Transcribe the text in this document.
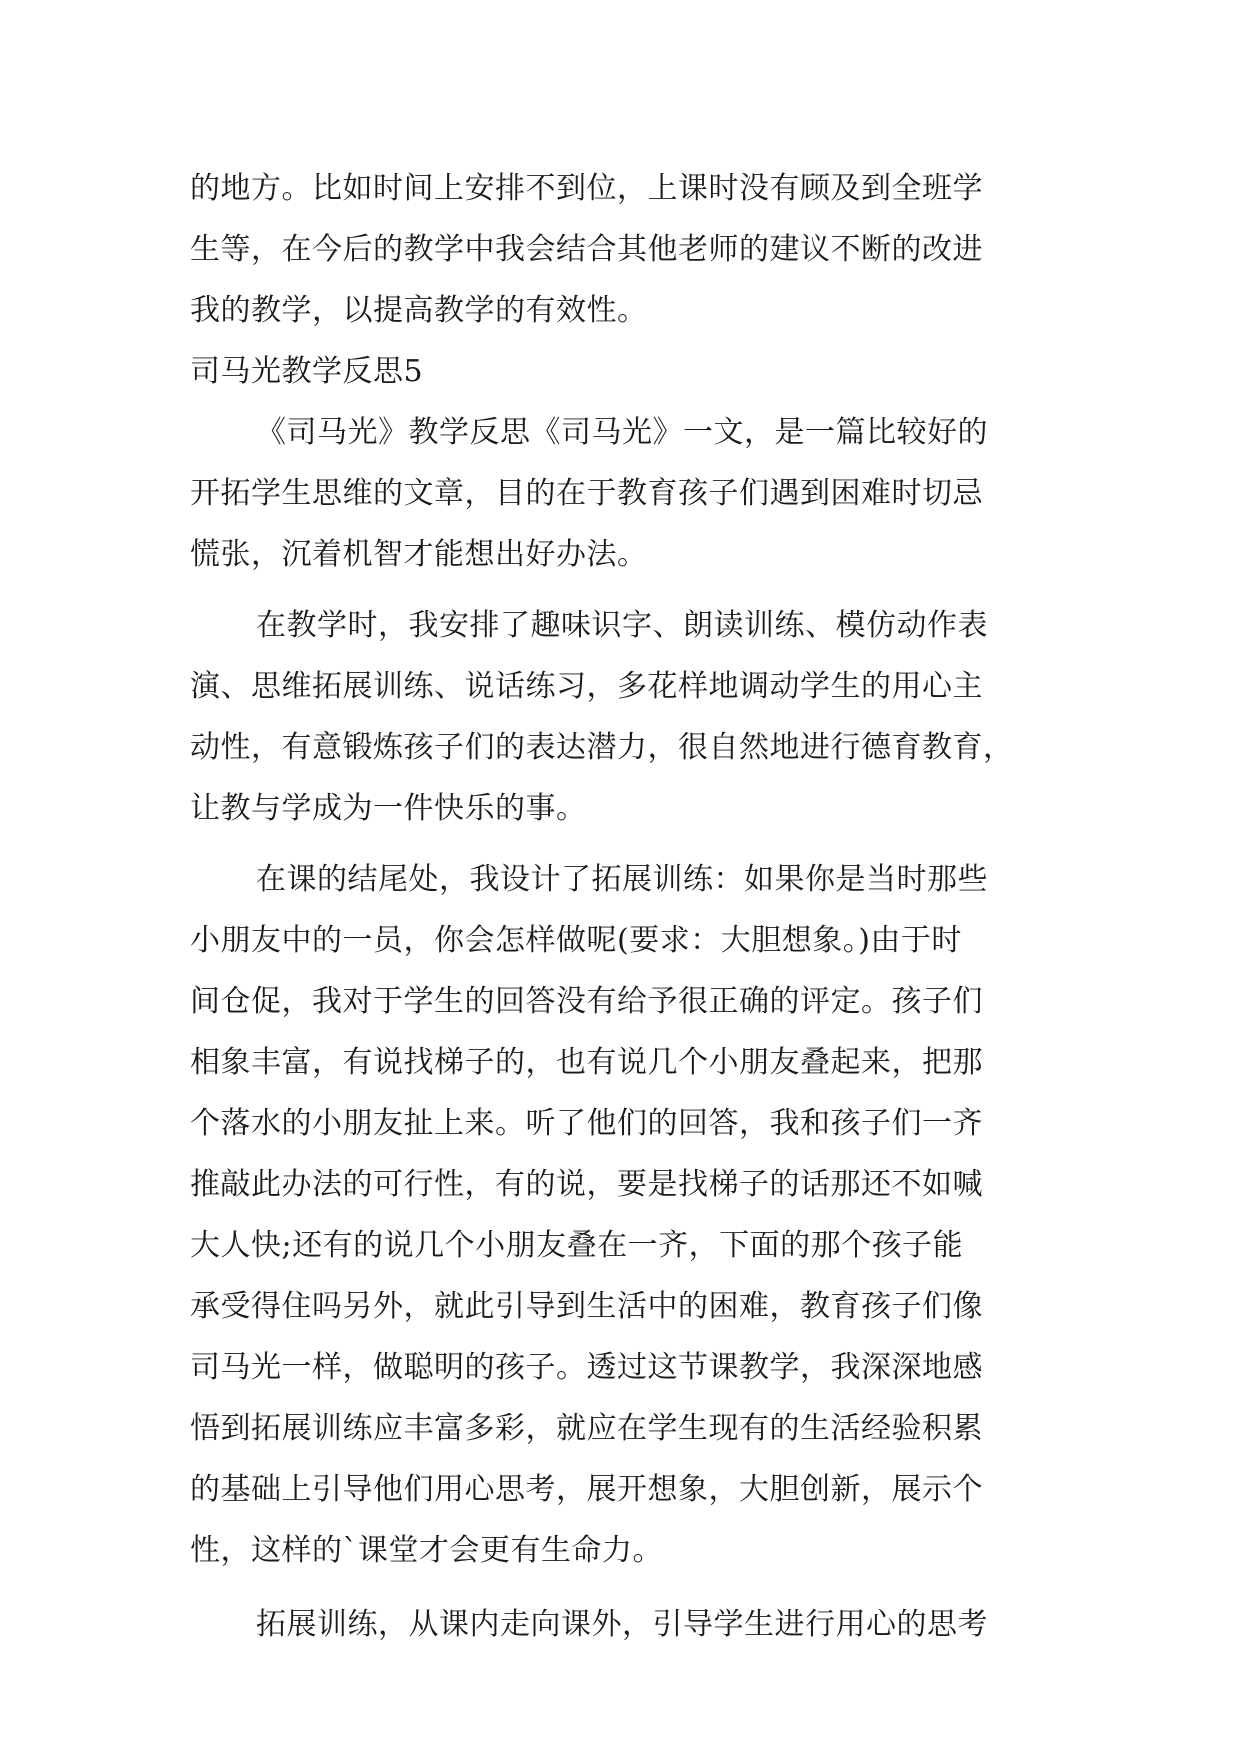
的地方。比如时间上安排不到位，上课时没有顾及到全班学
生等，在今后的教学中我会结合其他老师的建议不断的改进
我的教学，以提高教学的有效性。
司马光教学反思5
《司马光》教学反思《司马光》一文，是一篇比较好的
开拓学生思维的文章，目的在于教育孩子们遇到困难时切忌
慌张，沉着机智才能想出好办法。
在教学时，我安排了趣味识字、朗读训练、模仿动作表
演、思维拓展训练、说话练习，多花样地调动学生的用心主
动性，有意锻炼孩子们的表达潜力，很自然地进行德育教育，
让教与学成为一件快乐的事。
在课的结尾处，我设计了拓展训练：如果你是当时那些
小朋友中的一员，你会怎样做呢(要求：大胆想象。)由于时
间仓促，我对于学生的回答没有给予很正确的评定。孩子们
相象丰富，有说找梯子的，也有说几个小朋友叠起来，把那
个落水的小朋友扯上来。听了他们的回答，我和孩子们一齐
推敲此办法的可行性，有的说，要是找梯子的话那还不如喊
大人快;还有的说几个小朋友叠在一齐，下面的那个孩子能
承受得住吗另外，就此引导到生活中的困难，教育孩子们像
司马光一样，做聪明的孩子。透过这节课教学，我深深地感
悟到拓展训练应丰富多彩，就应在学生现有的生活经验积累
的基础上引导他们用心思考，展开想象，大胆创新，展示个
性，这样的`课堂才会更有生命力。
拓展训练，从课内走向课外，引导学生进行用心的思考
